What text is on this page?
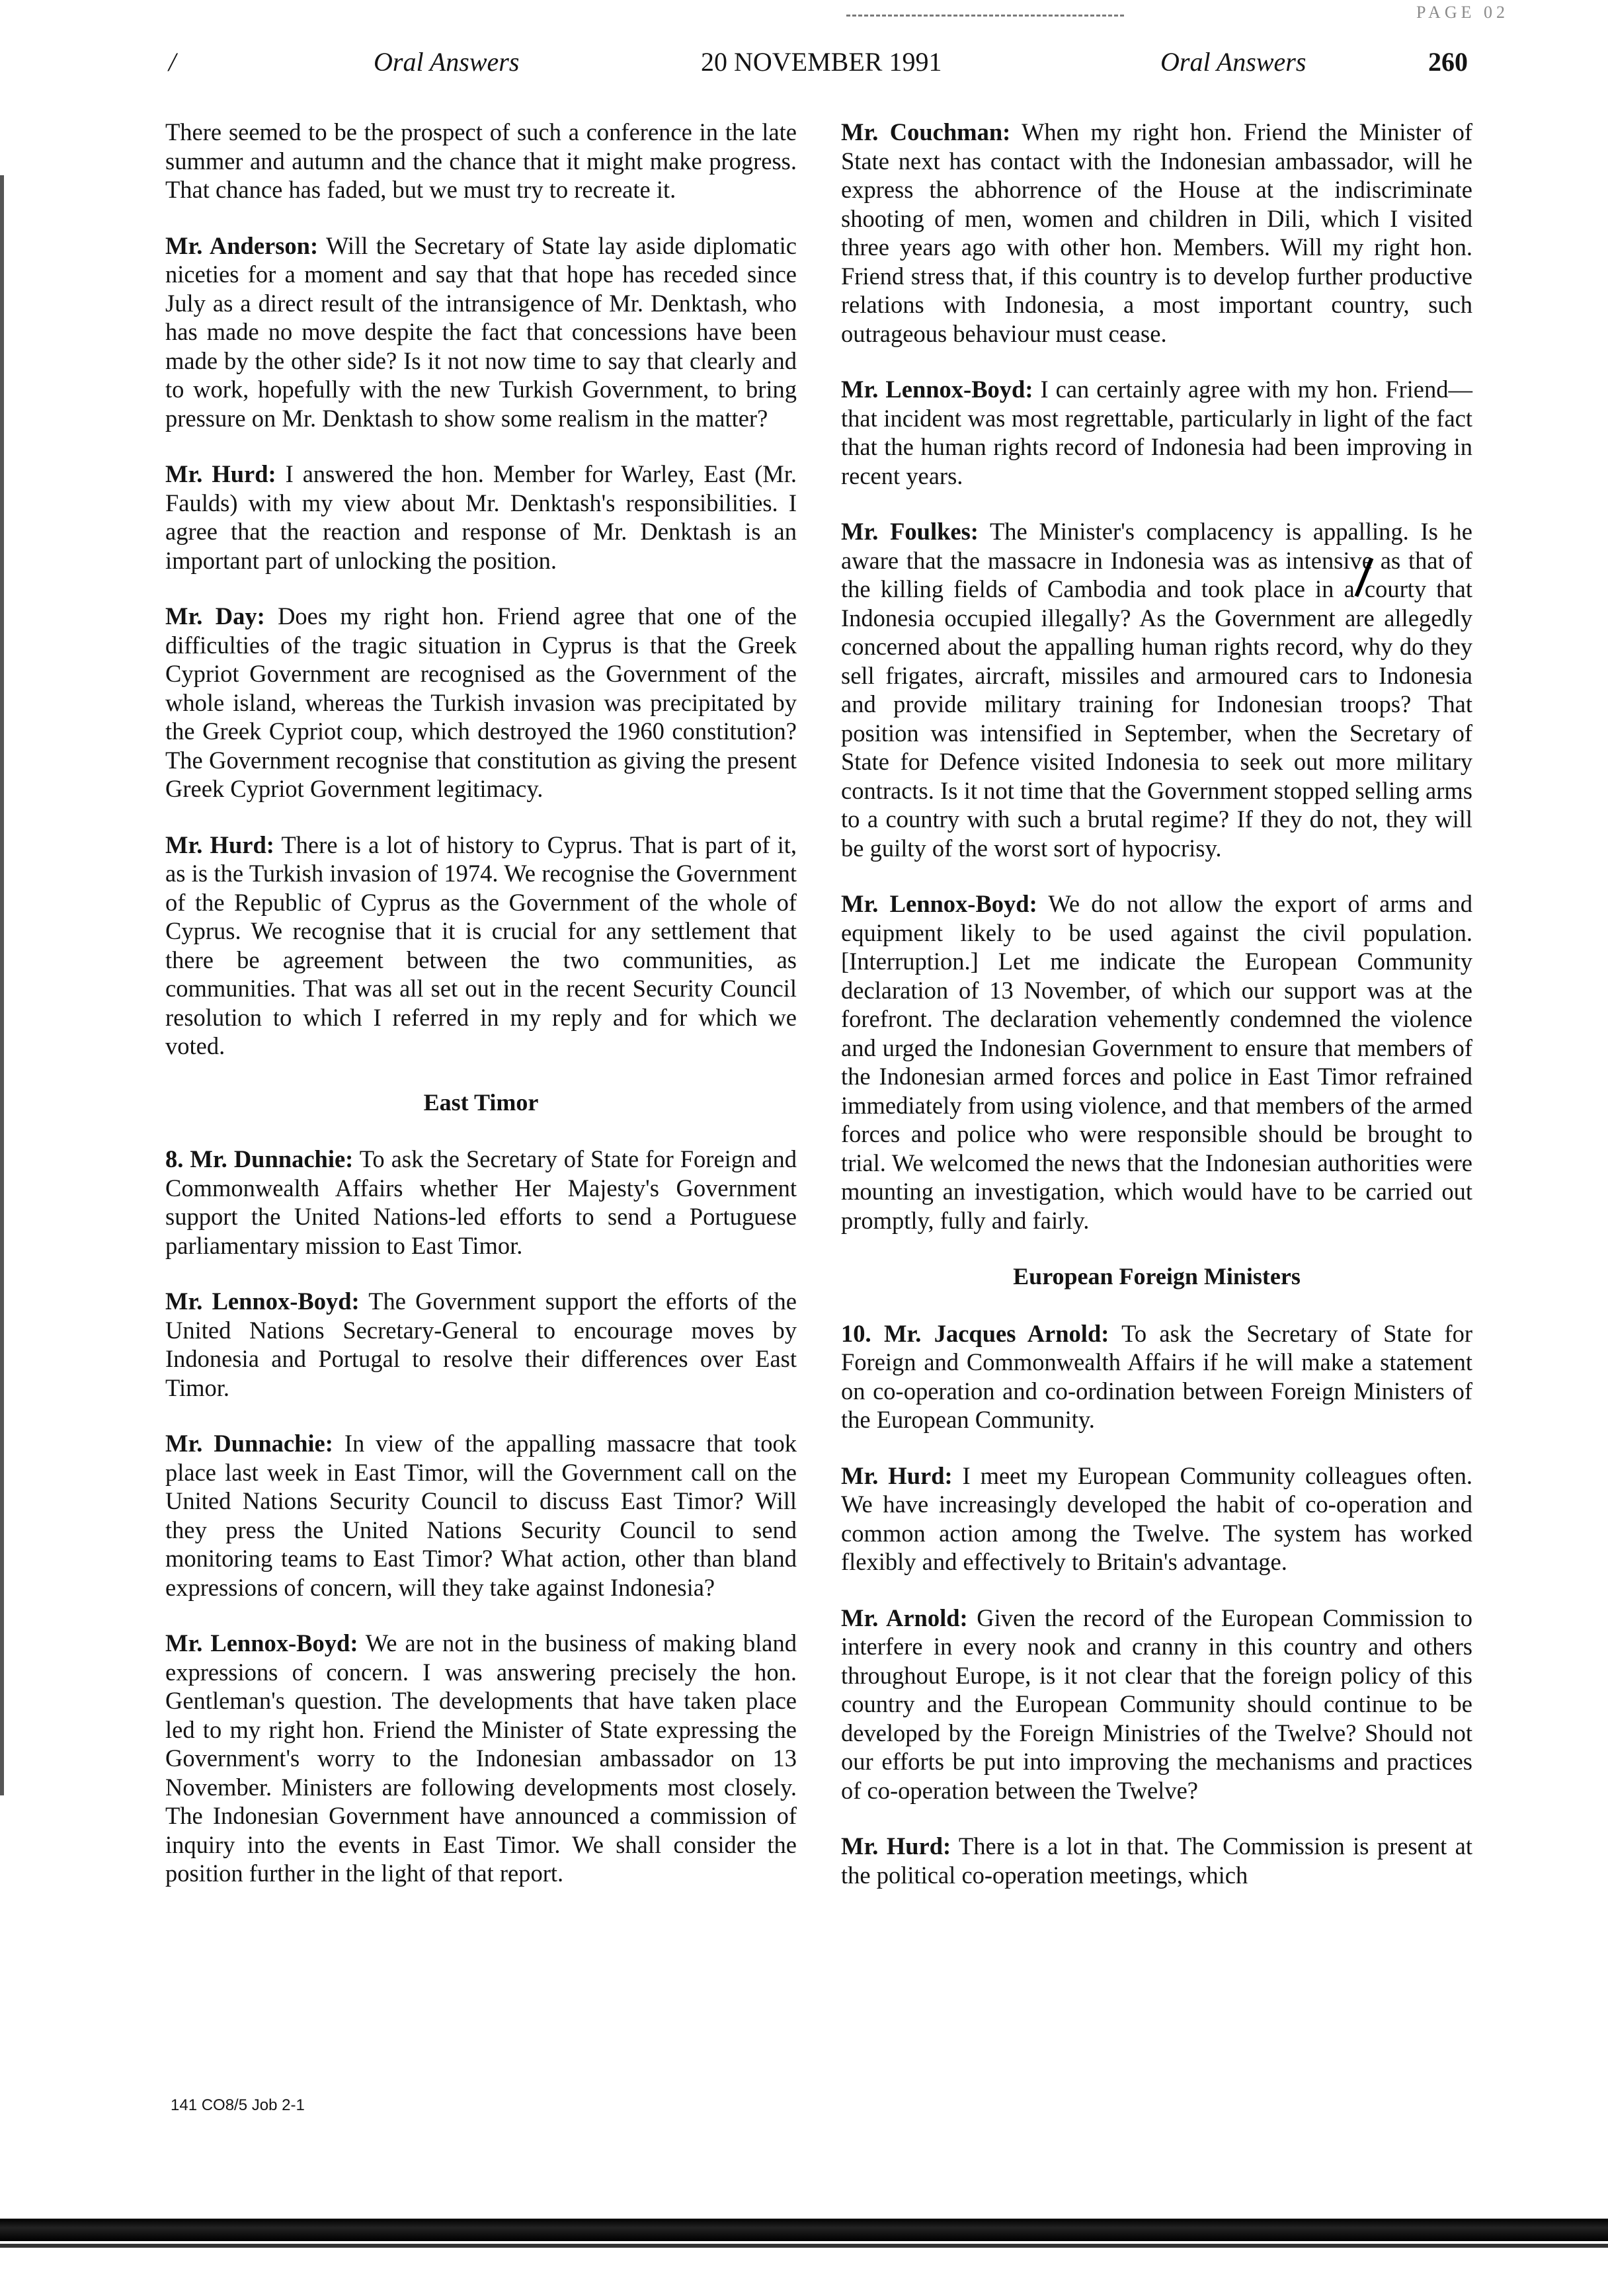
PAGE 02
/	Oral Answers	20 NOVEMBER 1991	Oral Answers	260

There seemed to be the prospect of such a conference in the late summer and autumn and the chance that it might make progress. That chance has faded, but we must try to recreate it.

Mr. Anderson: Will the Secretary of State lay aside diplomatic niceties for a moment and say that that hope has receded since July as a direct result of the intransigence of Mr. Denktash, who has made no move despite the fact that concessions have been made by the other side? Is it not now time to say that clearly and to work, hopefully with the new Turkish Government, to bring pressure on Mr. Denktash to show some realism in the matter?

Mr. Hurd: I answered the hon. Member for Warley, East (Mr. Faulds) with my view about Mr. Denktash's responsibilities. I agree that the reaction and response of Mr. Denktash is an important part of unlocking the position.

Mr. Day: Does my right hon. Friend agree that one of the difficulties of the tragic situation in Cyprus is that the Greek Cypriot Government are recognised as the Government of the whole island, whereas the Turkish invasion was precipitated by the Greek Cypriot coup, which destroyed the 1960 constitution? The Government recognise that constitution as giving the present Greek Cypriot Government legitimacy.

Mr. Hurd: There is a lot of history to Cyprus. That is part of it, as is the Turkish invasion of 1974. We recognise the Government of the Republic of Cyprus as the Government of the whole of Cyprus. We recognise that it is crucial for any settlement that there be agreement between the two communities, as communities. That was all set out in the recent Security Council resolution to which I referred in my reply and for which we voted.

East Timor

8. Mr. Dunnachie: To ask the Secretary of State for Foreign and Commonwealth Affairs whether Her Majesty's Government support the United Nations-led efforts to send a Portuguese parliamentary mission to East Timor.

Mr. Lennox-Boyd: The Government support the efforts of the United Nations Secretary-General to encourage moves by Indonesia and Portugal to resolve their differences over East Timor.

Mr. Dunnachie: In view of the appalling massacre that took place last week in East Timor, will the Government call on the United Nations Security Council to discuss East Timor? Will they press the United Nations Security Council to send monitoring teams to East Timor? What action, other than bland expressions of concern, will they take against Indonesia?

Mr. Lennox-Boyd: We are not in the business of making bland expressions of concern. I was answering precisely the hon. Gentleman's question. The developments that have taken place led to my right hon. Friend the Minister of State expressing the Government's worry to the Indonesian ambassador on 13 November. Ministers are following developments most closely. The Indonesian Government have announced a commission of inquiry into the events in East Timor. We shall consider the position further in the light of that report.

Mr. Couchman: When my right hon. Friend the Minister of State next has contact with the Indonesian ambassador, will he express the abhorrence of the House at the indiscriminate shooting of men, women and children in Dili, which I visited three years ago with other hon. Members. Will my right hon. Friend stress that, if this country is to develop further productive relations with Indonesia, a most important country, such outrageous behaviour must cease.

Mr. Lennox-Boyd: I can certainly agree with my hon. Friend—that incident was most regrettable, particularly in light of the fact that the human rights record of Indonesia had been improving in recent years.

Mr. Foulkes: The Minister's complacency is appalling. Is he aware that the massacre in Indonesia was as intensive as that of the killing fields of Cambodia and took place in a courty that Indonesia occupied illegally? As the Government are allegedly concerned about the appalling human rights record, why do they sell frigates, aircraft, missiles and armoured cars to Indonesia and provide military training for Indonesian troops? That position was intensified in September, when the Secretary of State for Defence visited Indonesia to seek out more military contracts. Is it not time that the Government stopped selling arms to a country with such a brutal regime? If they do not, they will be guilty of the worst sort of hypocrisy.

Mr. Lennox-Boyd: We do not allow the export of arms and equipment likely to be used against the civil population. [Interruption.] Let me indicate the European Community declaration of 13 November, of which our support was at the forefront. The declaration vehemently condemned the violence and urged the Indonesian Government to ensure that members of the Indonesian armed forces and police in East Timor refrained immediately from using violence, and that members of the armed forces and police who were responsible should be brought to trial. We welcomed the news that the Indonesian authorities were mounting an investigation, which would have to be carried out promptly, fully and fairly.

European Foreign Ministers

10. Mr. Jacques Arnold: To ask the Secretary of State for Foreign and Commonwealth Affairs if he will make a statement on co-operation and co-ordination between Foreign Ministers of the European Community.

Mr. Hurd: I meet my European Community colleagues often. We have increasingly developed the habit of co-operation and common action among the Twelve. The system has worked flexibly and effectively to Britain's advantage.

Mr. Arnold: Given the record of the European Commission to interfere in every nook and cranny in this country and others throughout Europe, is it not clear that the foreign policy of this country and the European Community should continue to be developed by the Foreign Ministries of the Twelve? Should not our efforts be put into improving the mechanisms and practices of co-operation between the Twelve?

Mr. Hurd: There is a lot in that. The Commission is present at the political co-operation meetings, which

141 CO8/5 Job 2-1
